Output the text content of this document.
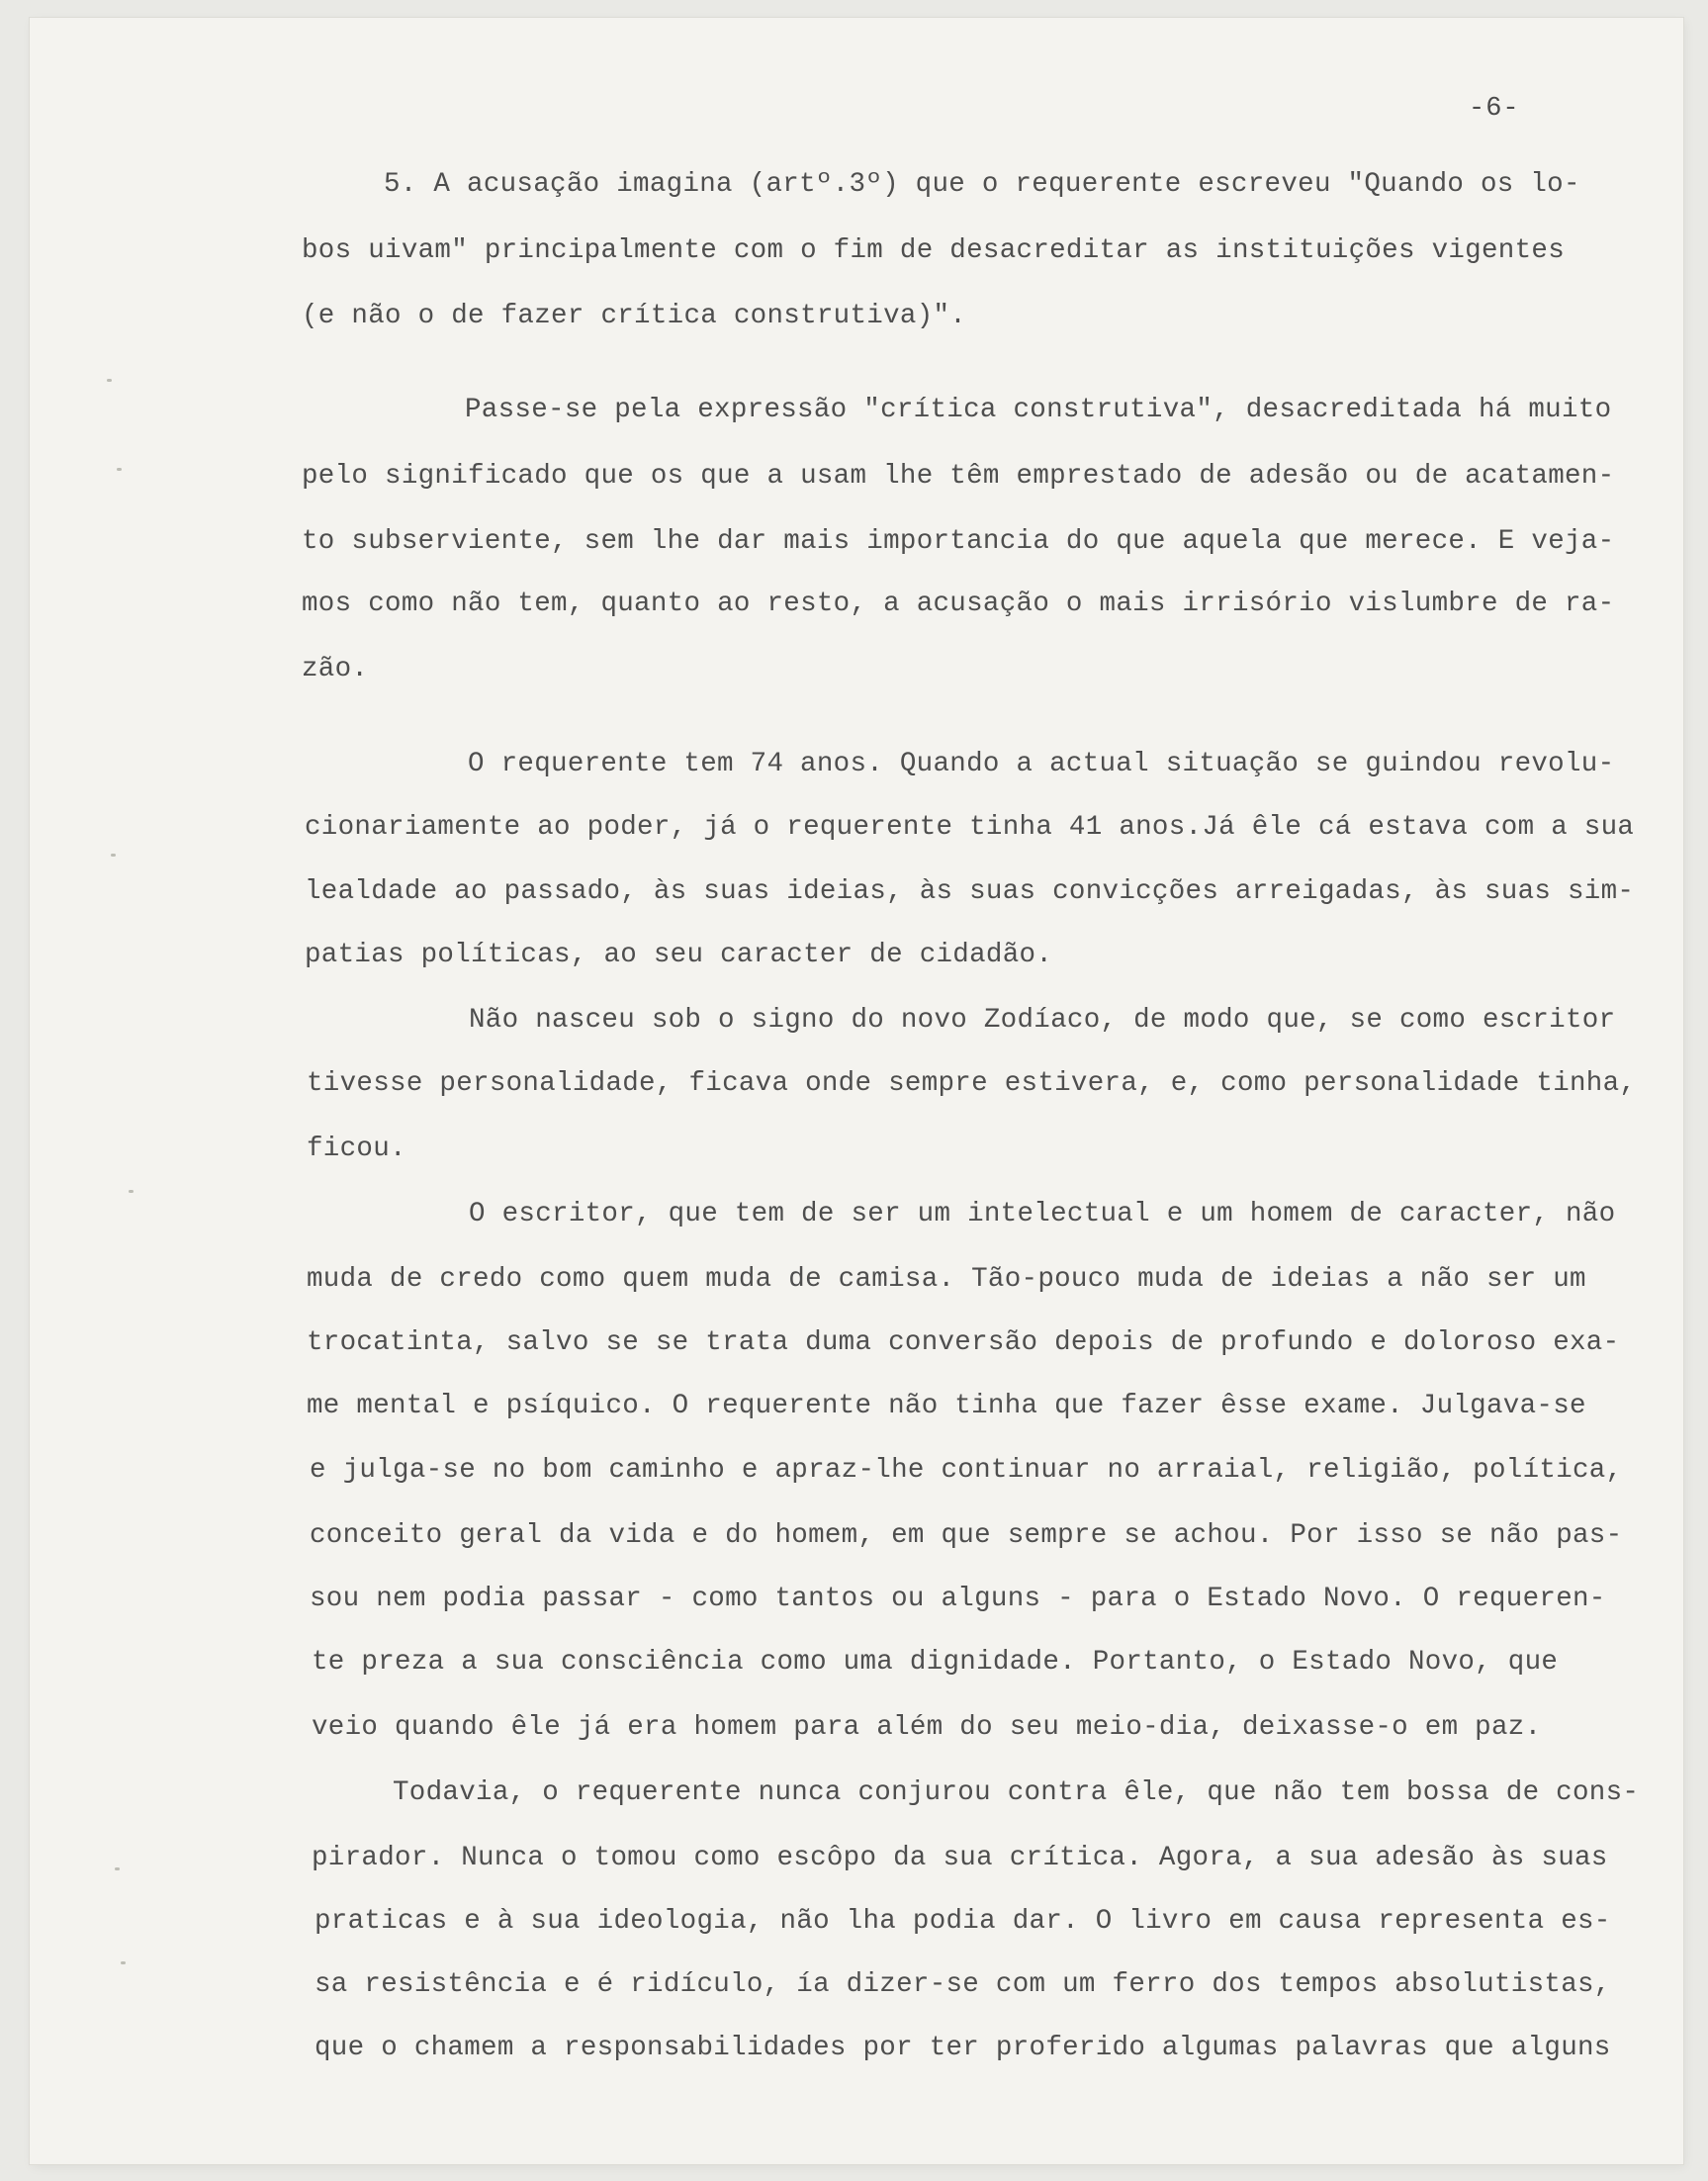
-6-
5. A acusação imagina (artº.3º) que o requerente escreveu "Quando os lo-
bos uivam" principalmente com o fim de desacreditar as instituições vigentes
(e não o de fazer crítica construtiva)".
Passe-se pela expressão "crítica construtiva", desacreditada há muito
pelo significado que os que a usam lhe têm emprestado de adesão ou de acatamen-
to subserviente, sem lhe dar mais importancia do que aquela que merece. E veja-
mos como não tem, quanto ao resto, a acusação o mais irrisório vislumbre de ra-
zão.
O requerente tem 74 anos. Quando a actual situação se guindou revolu-
cionariamente ao poder, já o requerente tinha 41 anos.Já êle cá estava com a sua
lealdade ao passado, às suas ideias, às suas convicções arreigadas, às suas sim-
patias políticas, ao seu caracter de cidadão.
Não nasceu sob o signo do novo Zodíaco, de modo que, se como escritor
tivesse personalidade, ficava onde sempre estivera, e, como personalidade tinha,
ficou.
O escritor, que tem de ser um intelectual e um homem de caracter, não
muda de credo como quem muda de camisa. Tão-pouco muda de ideias a não ser um
trocatinta, salvo se se trata duma conversão depois de profundo e doloroso exa-
me mental e psíquico. O requerente não tinha que fazer êsse exame. Julgava-se
e julga-se no bom caminho e apraz-lhe continuar no arraial, religião, política,
conceito geral da vida e do homem, em que sempre se achou. Por isso se não pas-
sou nem podia passar - como tantos ou alguns - para o Estado Novo. O requeren-
te preza a sua consciência como uma dignidade. Portanto, o Estado Novo, que
veio quando êle já era homem para além do seu meio-dia, deixasse-o em paz.
Todavia, o requerente nunca conjurou contra êle, que não tem bossa de cons-
pirador. Nunca o tomou como escôpo da sua crítica. Agora, a sua adesão às suas
praticas e à sua ideologia, não lha podia dar. O livro em causa representa es-
sa resistência e é ridículo, ía dizer-se com um ferro dos tempos absolutistas,
que o chamem a responsabilidades por ter proferido algumas palavras que alguns
